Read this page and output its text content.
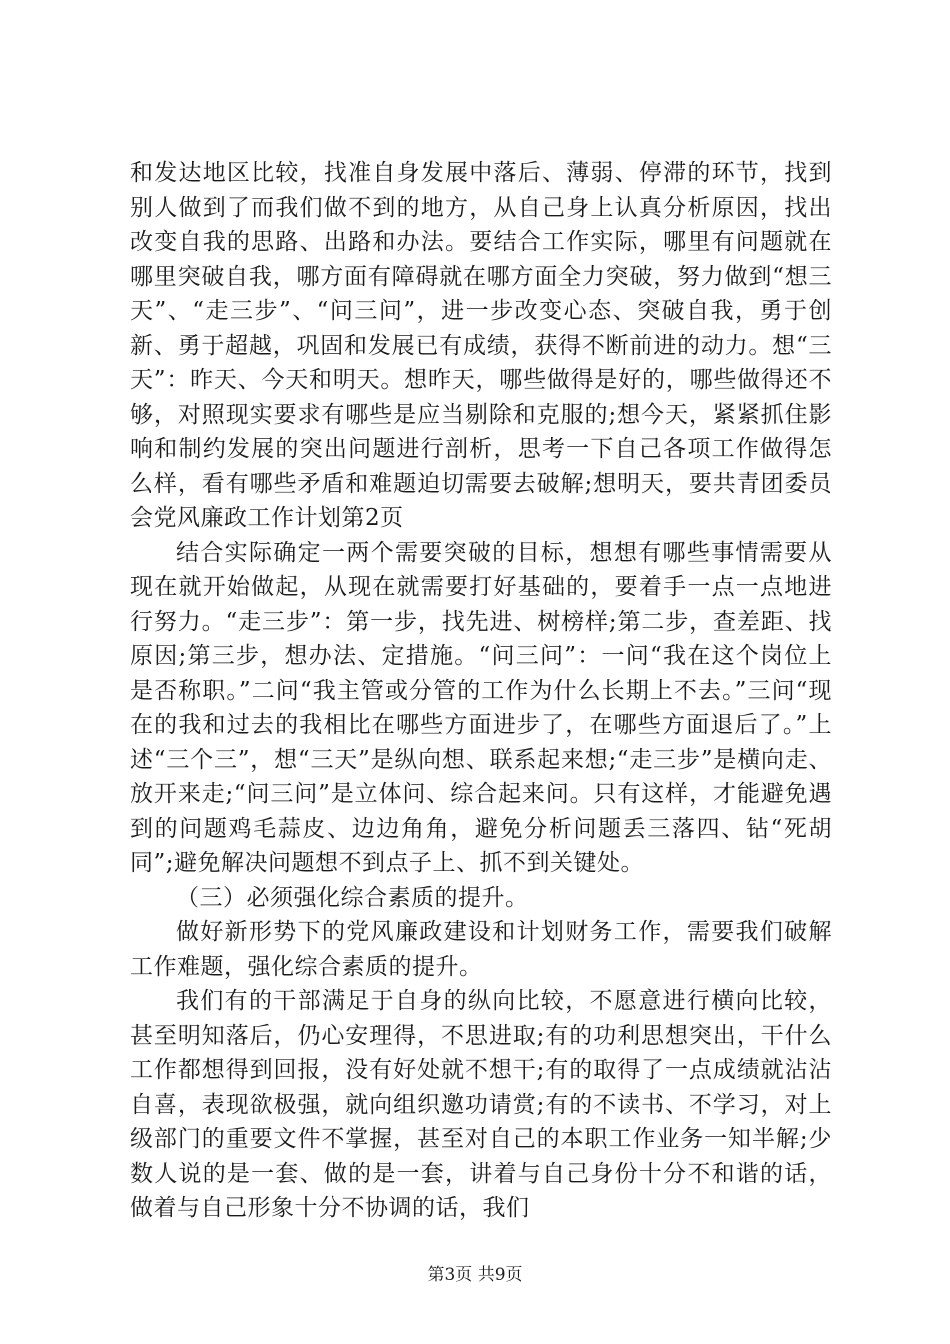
和发达地区比较，找准自身发展中落后、薄弱、停滞的环节，找到别人做到了而我们做不到的地方，从自己身上认真分析原因，找出改变自我的思路、出路和办法。要结合工作实际，哪里有问题就在哪里突破自我，哪方面有障碍就在哪方面全力突破，努力做到“想三天”、“走三步”、“问三问”，进一步改变心态、突破自我，勇于创新、勇于超越，巩固和发展已有成绩，获得不断前进的动力。想“三天”：昨天、今天和明天。想昨天，哪些做得是好的，哪些做得还不够，对照现实要求有哪些是应当剔除和克服的;想今天，紧紧抓住影响和制约发展的突出问题进行剖析，思考一下自己各项工作做得怎么样，看有哪些矛盾和难题迫切需要去破解;想明天，要共青团委员会党风廉政工作计划第2页

结合实际确定一两个需要突破的目标，想想有哪些事情需要从现在就开始做起，从现在就需要打好基础的，要着手一点一点地进行努力。“走三步”：第一步，找先进、树榜样;第二步，查差距、找原因;第三步，想办法、定措施。“问三问”：一问“我在这个岗位上是否称职。”二问“我主管或分管的工作为什么长期上不去。”三问“现在的我和过去的我相比在哪些方面进步了，在哪些方面退后了。”上述“三个三”，想“三天”是纵向想、联系起来想;“走三步”是横向走、放开来走;“问三问”是立体问、综合起来问。只有这样，才能避免遇到的问题鸡毛蒜皮、边边角角，避免分析问题丢三落四、钻“死胡同”;避免解决问题想不到点子上、抓不到关键处。

（三）必须强化综合素质的提升。

做好新形势下的党风廉政建设和计划财务工作，需要我们破解工作难题，强化综合素质的提升。

我们有的干部满足于自身的纵向比较，不愿意进行横向比较，甚至明知落后，仍心安理得，不思进取;有的功利思想突出，干什么工作都想得到回报，没有好处就不想干;有的取得了一点成绩就沾沾自喜，表现欲极强，就向组织邀功请赏;有的不读书、不学习，对上级部门的重要文件不掌握，甚至对自己的本职工作业务一知半解;少数人说的是一套、做的是一套，讲着与自己身份十分不和谐的话，做着与自己形象十分不协调的话，我们

第3页 共9页
